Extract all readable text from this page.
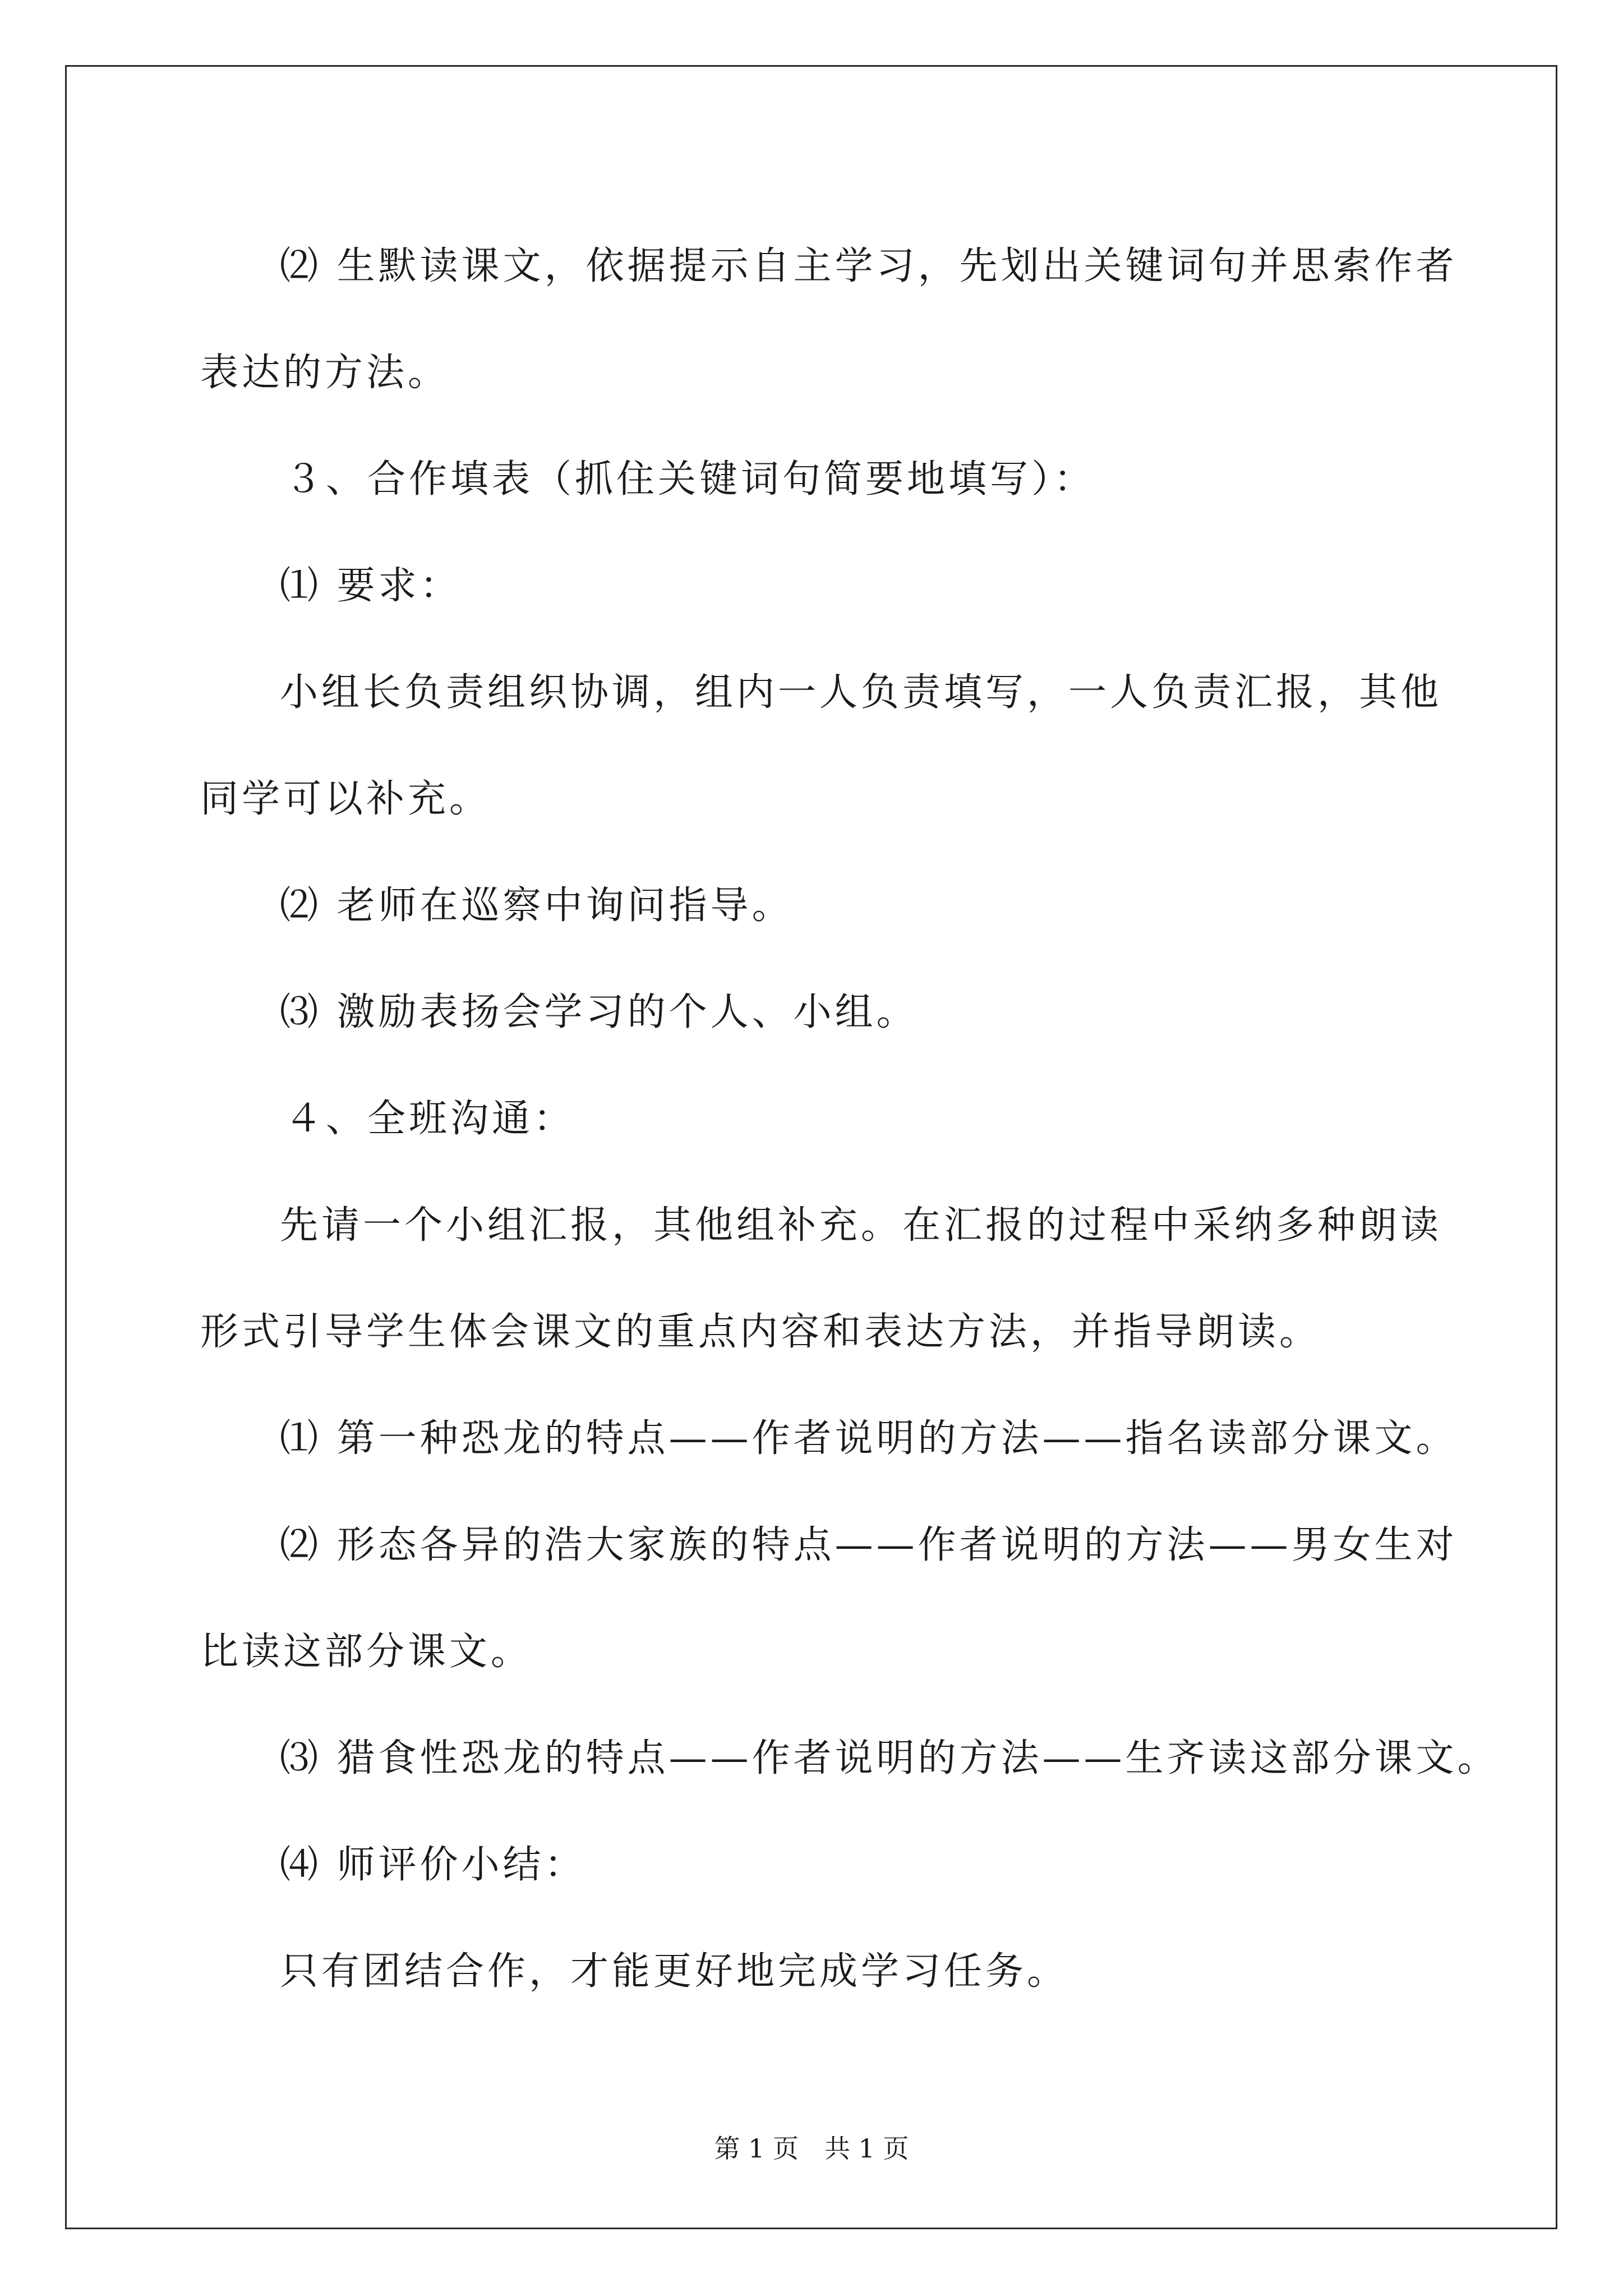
⑵ 生默读课文，依据提示自主学习，先划出关键词句并思索作者

表达的方法。

３、合作填表（抓住关键词句简要地填写）：

⑴ 要求：

小组长负责组织协调，组内一人负责填写，一人负责汇报，其他

同学可以补充。

⑵ 老师在巡察中询问指导。

⑶ 激励表扬会学习的个人、小组。

４、全班沟通：

先请一个小组汇报，其他组补充。在汇报的过程中采纳多种朗读

形式引导学生体会课文的重点内容和表达方法，并指导朗读。

⑴ 第一种恐龙的特点——作者说明的方法——指名读部分课文。

⑵ 形态各异的浩大家族的特点——作者说明的方法——男女生对

比读这部分课文。

⑶ 猎食性恐龙的特点——作者说明的方法——生齐读这部分课文。

⑷ 师评价小结：

只有团结合作，才能更好地完成学习任务。

第 1 页　共 1 页
